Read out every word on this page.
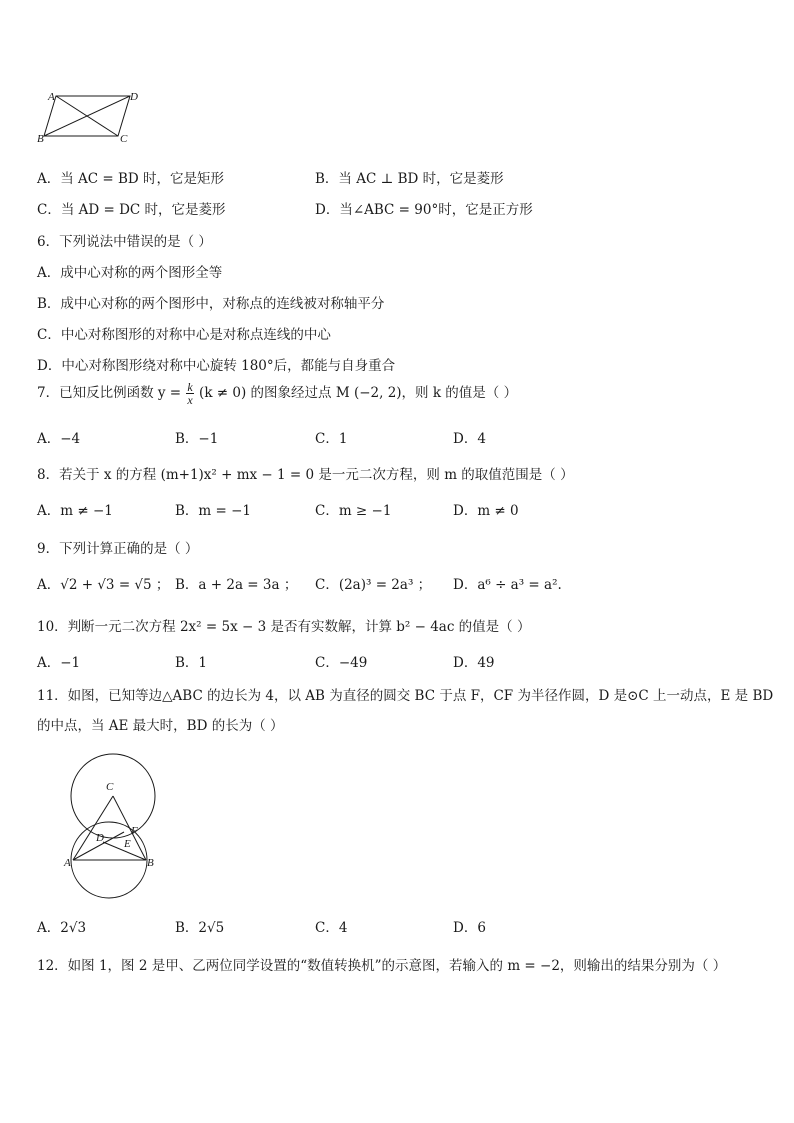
A	D
B	C
A．当 AC = BD 时，它是矩形	B．当 AC ⊥ BD 时，它是菱形
C．当 AD = DC 时，它是菱形	D．当∠ABC = 90°时，它是正方形
6．下列说法中错误的是（ ）
A．成中心对称的两个图形全等
B．成中心对称的两个图形中，对称点的连线被对称轴平分
C．中心对称图形的对称中心是对称点连线的中心
D．中心对称图形绕对称中心旋转 180°后，都能与自身重合
7．已知反比例函数 $y = \frac{k}{x} (k \ne 0)$ 的图象经过点 M (−2, 2)，则 k 的值是（ ）
A．−4	B．−1	C．1	D．4
8．若关于 x 的方程 (m+1)x² + mx − 1 = 0 是一元二次方程，则 m 的取值范围是（ ）
A．m ≠ −1	B．m = −1	C．m ≥ −1	D．m ≠ 0
9．下列计算正确的是（ ）
A．√2 + √3 = √5 ； B．a + 2a = 3a ； C．(2a)³ = 2a³ ； D．a⁶ ÷ a³ = a².
10．判断一元二次方程 2x² = 5x − 3 是否有实数解，计算 b² − 4ac 的值是（ ）
A．−1	B．1	C．−49	D．49
11．如图，已知等边△ABC 的边长为 4，以 AB 为直径的圆交 BC 于点 F，CF 为半径作圆，D 是⊙C 上一动点，E 是 BD
的中点，当 AE 最大时，BD 的长为（ ）
C
F
D E
A	B
A．2√3	B．2√5	C．4	D．6
12．如图 1，图 2 是甲、乙两位同学设置的“数值转换机”的示意图，若输入的 m = −2，则输出的结果分别为（ ）
